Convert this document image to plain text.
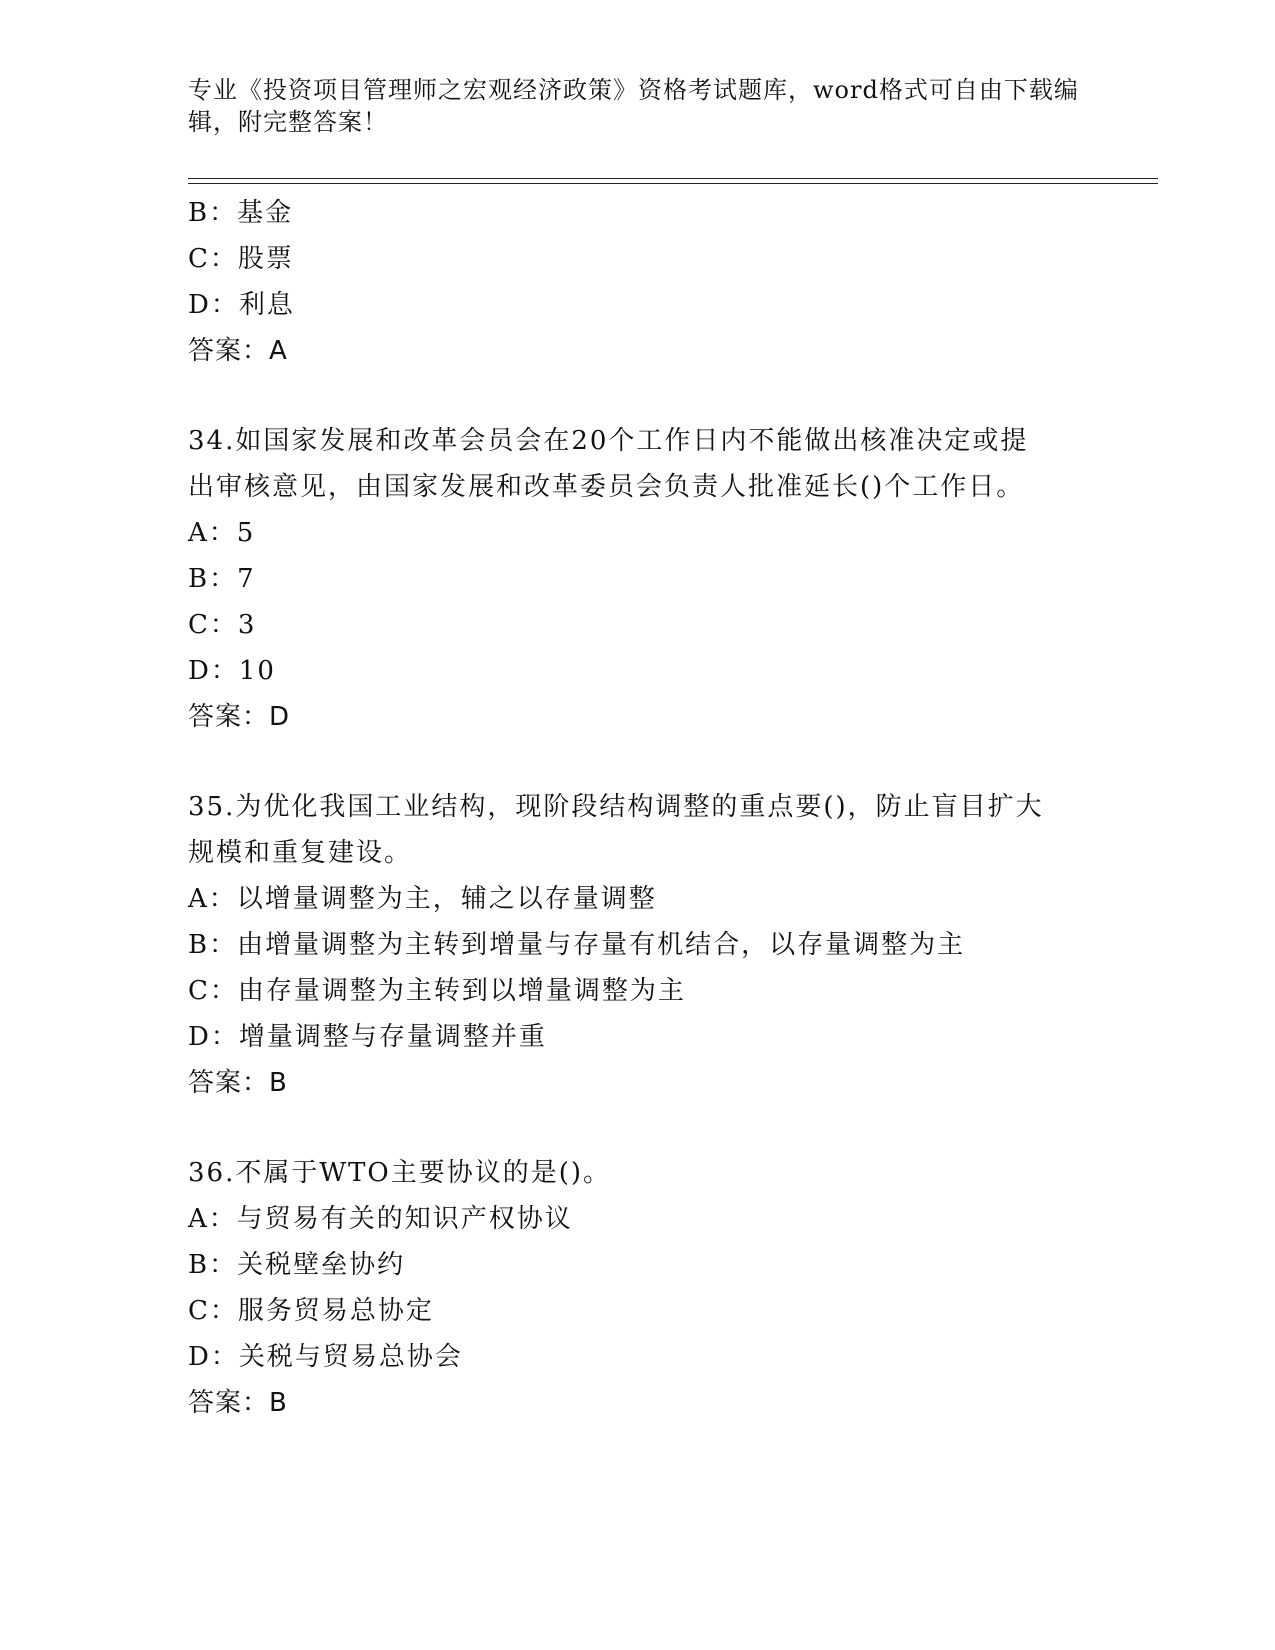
专业《投资项目管理师之宏观经济政策》资格考试题库，word格式可自由下载编辑，附完整答案！
B：基金
C：股票
D：利息
答案：A
34.如国家发展和改革会员会在20个工作日内不能做出核准决定或提出审核意见，由国家发展和改革委员会负责人批准延长()个工作日。
A：5
B：7
C：3
D：10
答案：D
35.为优化我国工业结构，现阶段结构调整的重点要()，防止盲目扩大规模和重复建设。
A：以增量调整为主，辅之以存量调整
B：由增量调整为主转到增量与存量有机结合，以存量调整为主
C：由存量调整为主转到以增量调整为主
D：增量调整与存量调整并重
答案：B
36.不属于WTO主要协议的是()。
A：与贸易有关的知识产权协议
B：关税壁垒协约
C：服务贸易总协定
D：关税与贸易总协会
答案：B
